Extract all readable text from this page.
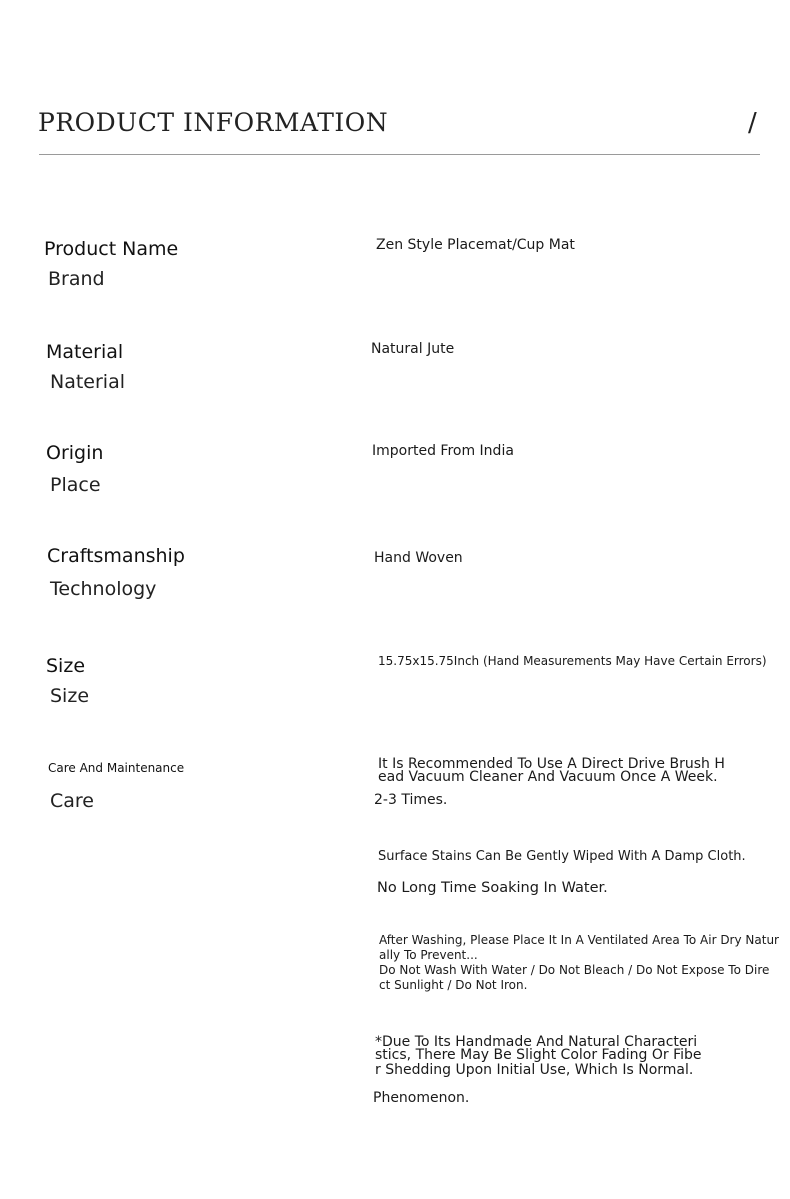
PRODUCT INFORMATION	/
Product Name
Brand
Zen Style Placemat/Cup Mat
Material
Naterial
Natural Jute
Origin
Place
Imported From India
Craftsmanship
Technology
Hand Woven
Size
Size
15.75x15.75Inch (Hand Measurements May Have Certain Errors)
Care And Maintenance
Care
It Is Recommended To Use A Direct Drive Brush H
ead Vacuum Cleaner And Vacuum Once A Week.
2-3 Times.
Surface Stains Can Be Gently Wiped With A Damp Cloth.
No Long Time Soaking In Water.
After Washing, Please Place It In A Ventilated Area To Air Dry Natur
ally To Prevent...
Do Not Wash With Water / Do Not Bleach / Do Not Expose To Dire
ct Sunlight / Do Not Iron.
*Due To Its Handmade And Natural Characteri
stics, There May Be Slight Color Fading Or Fibe
r Shedding Upon Initial Use, Which Is Normal.
Phenomenon.
